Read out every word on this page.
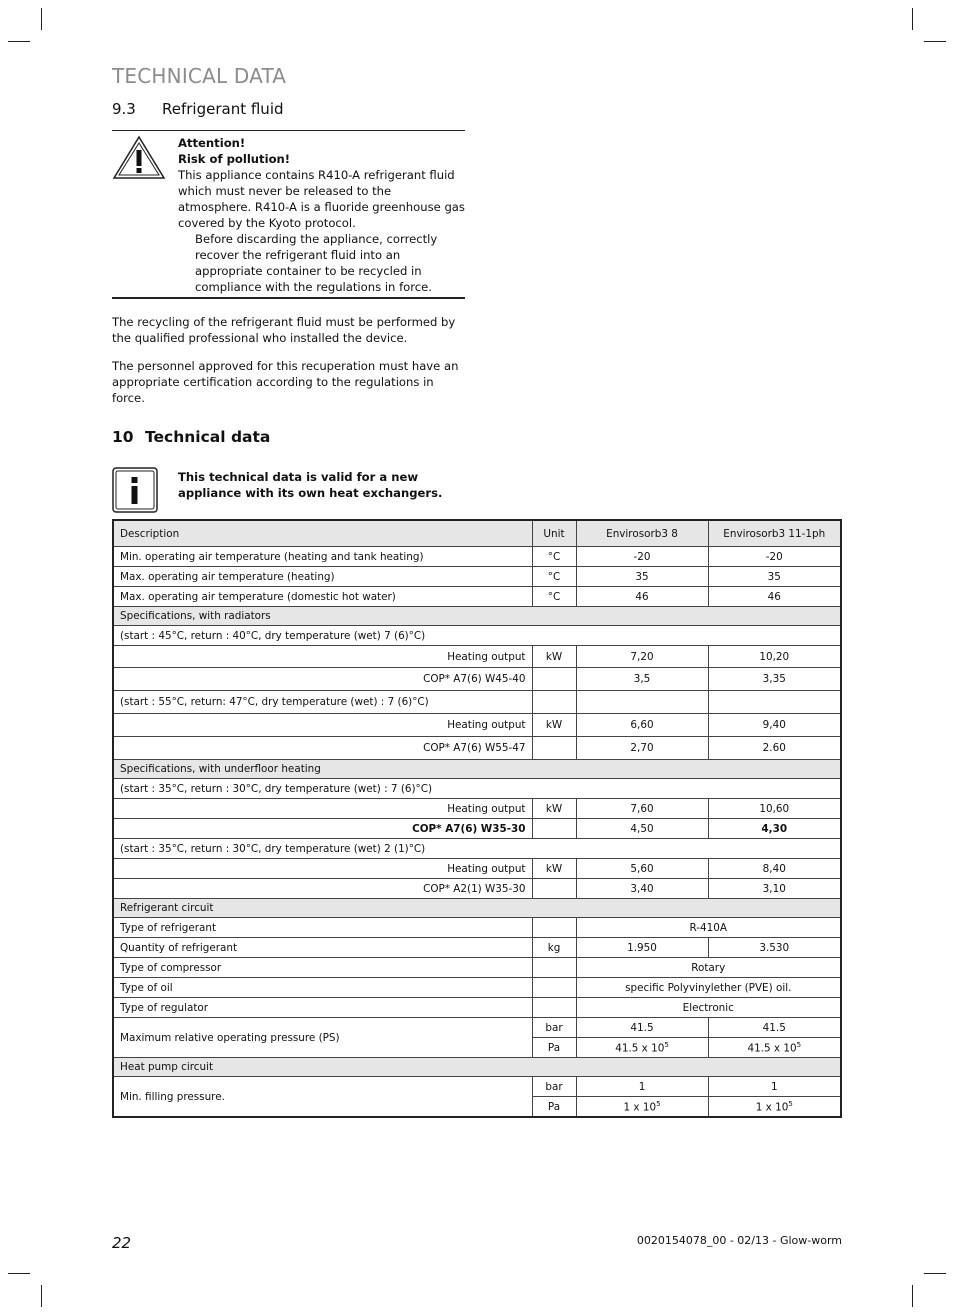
TECHNICAL DATA
9.3 Refrigerant fluid
Attention!
Risk of pollution!
This appliance contains R410-A refrigerant fluid which must never be released to the atmosphere. R410-A is a fluoride greenhouse gas covered by the Kyoto protocol.
Before discarding the appliance, correctly recover the refrigerant fluid into an appropriate container to be recycled in compliance with the regulations in force.
The recycling of the refrigerant fluid must be performed by the qualified professional who installed the device.
The personnel approved for this recuperation must have an appropriate certification according to the regulations in force.
10 Technical data
This technical data is valid for a new appliance with its own heat exchangers.
Description	Unit	Envirosorb3 8	Envirosorb3 11-1ph
Min. operating air temperature (heating and tank heating)	°C	-20	-20
Max. operating air temperature (heating)	°C	35	35
Max. operating air temperature (domestic hot water)	°C	46	46
Specifications, with radiators			
(start : 45°C, return : 40°C, dry temperature (wet) 7 (6)°C)			
Heating output	kW	7,20	10,20
COP* A7(6) W45-40		3,5	3,35
(start : 55°C, return: 47°C, dry temperature (wet) : 7 (6)°C)			
Heating output	kW	6,60	9,40
COP* A7(6) W55-47		2,70	2.60
Specifications, with underfloor heating			
(start : 35°C, return : 30°C, dry temperature (wet) : 7 (6)°C)			
Heating output	kW	7,60	10,60
COP* A7(6) W35-30		4,50	4,30
(start : 35°C, return : 30°C, dry temperature (wet) 2 (1)°C)			
Heating output	kW	5,60	8,40
COP* A2(1) W35-30		3,40	3,10
Refrigerant circuit			
Type of refrigerant		R-410A	
Quantity of refrigerant	kg	1.950	3.530
Type of compressor		Rotary	
Type of oil		specific Polyvinylether (PVE) oil.	
Type of regulator		Electronic	
Maximum relative operating pressure (PS)	bar	41.5	41.5
	Pa	41.5 x $10^5$	41.5 x $10^5$
Heat pump circuit			
Min. filling pressure.	bar	1	1
	Pa	1 x $10^5$	1 x $10^5$
22	0020154078_00 - 02/13 - Glow-worm
